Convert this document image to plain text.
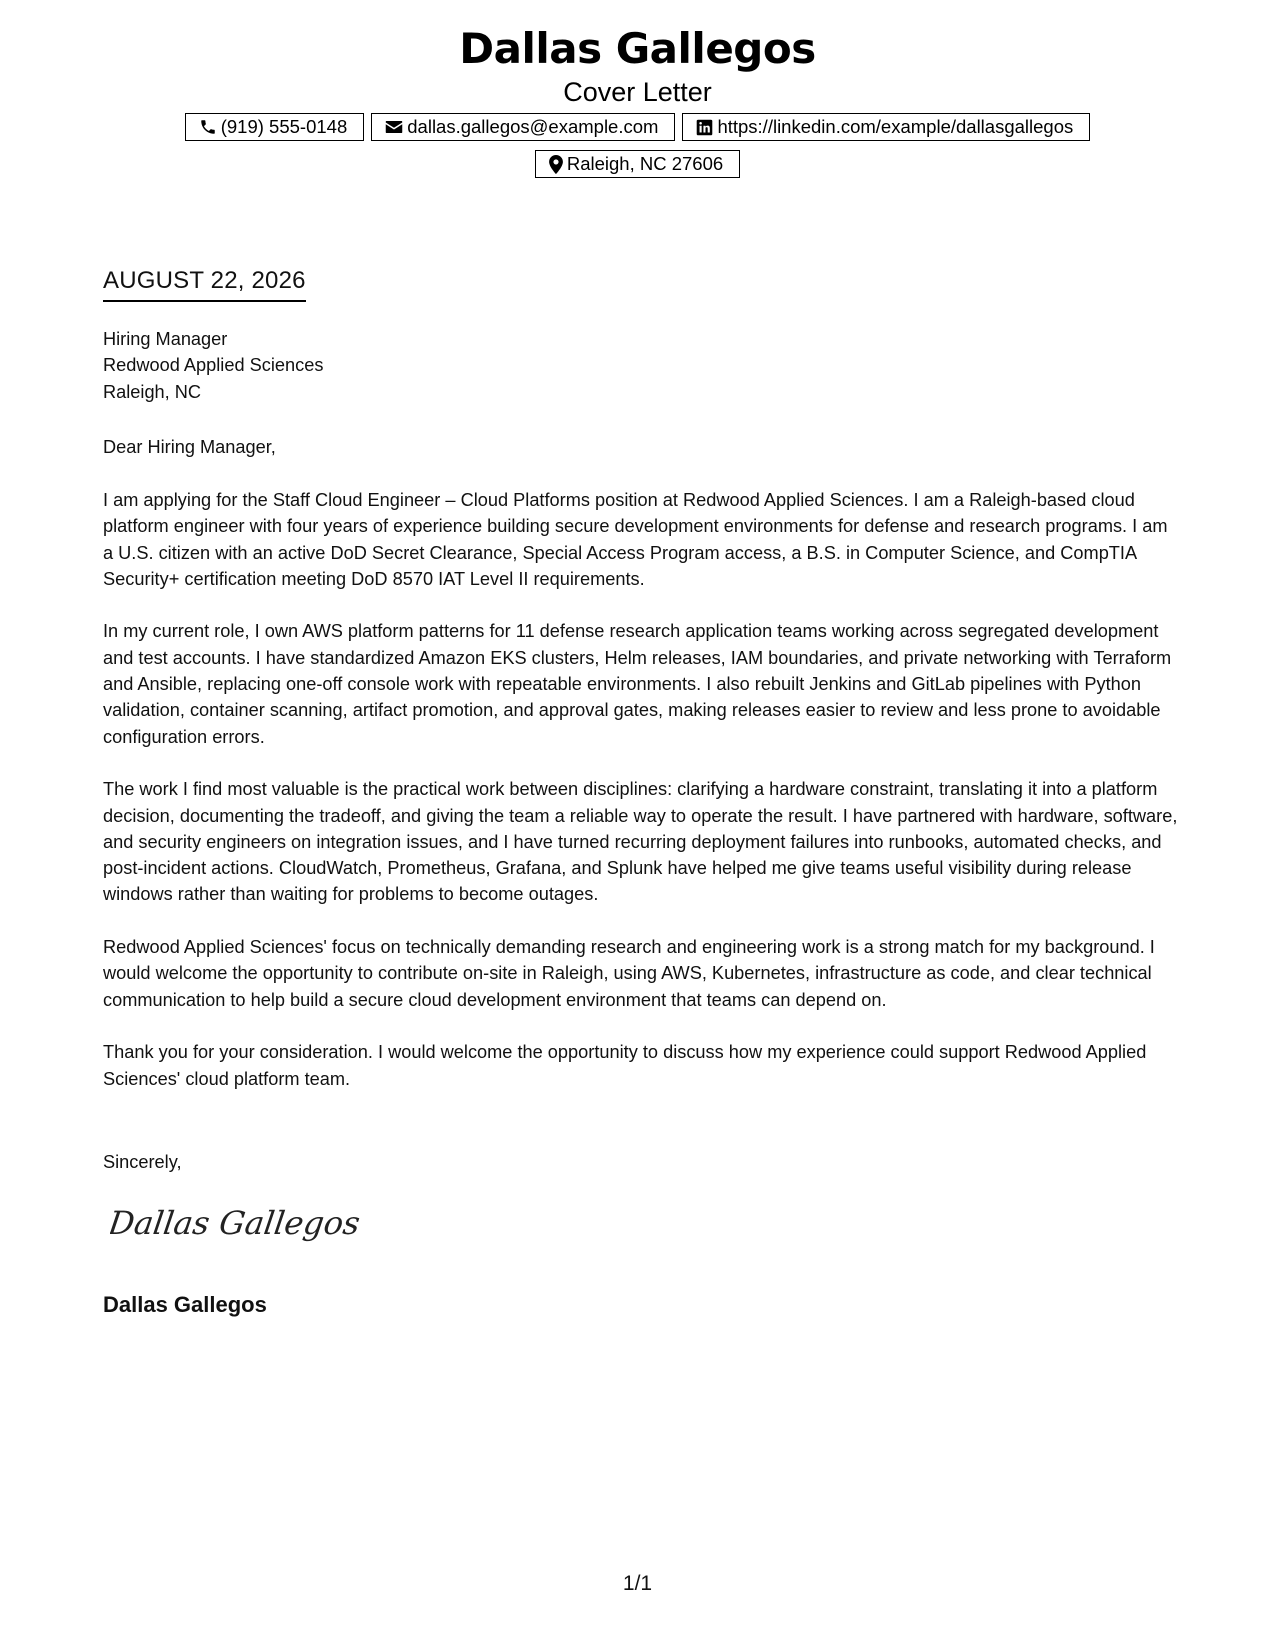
Dallas Gallegos
Cover Letter
(919) 555-0148	dallas.gallegos@example.com	https://linkedin.com/example/dallasgallegos
Raleigh, NC 27606
AUGUST 22, 2026
Hiring Manager
Redwood Applied Sciences
Raleigh, NC
Dear Hiring Manager,

I am applying for the Staff Cloud Engineer – Cloud Platforms position at Redwood Applied Sciences. I am a Raleigh-based cloud platform engineer with four years of experience building secure development environments for defense and research programs. I am a U.S. citizen with an active DoD Secret Clearance, Special Access Program access, a B.S. in Computer Science, and CompTIA Security+ certification meeting DoD 8570 IAT Level II requirements.

In my current role, I own AWS platform patterns for 11 defense research application teams working across segregated development and test accounts. I have standardized Amazon EKS clusters, Helm releases, IAM boundaries, and private networking with Terraform and Ansible, replacing one-off console work with repeatable environments. I also rebuilt Jenkins and GitLab pipelines with Python validation, container scanning, artifact promotion, and approval gates, making releases easier to review and less prone to avoidable configuration errors.

The work I find most valuable is the practical work between disciplines: clarifying a hardware constraint, translating it into a platform decision, documenting the tradeoff, and giving the team a reliable way to operate the result. I have partnered with hardware, software, and security engineers on integration issues, and I have turned recurring deployment failures into runbooks, automated checks, and post-incident actions. CloudWatch, Prometheus, Grafana, and Splunk have helped me give teams useful visibility during release windows rather than waiting for problems to become outages.

Redwood Applied Sciences' focus on technically demanding research and engineering work is a strong match for my background. I would welcome the opportunity to contribute on-site in Raleigh, using AWS, Kubernetes, infrastructure as code, and clear technical communication to help build a secure cloud development environment that teams can depend on.

Thank you for your consideration. I would welcome the opportunity to discuss how my experience could support Redwood Applied Sciences' cloud platform team.

Sincerely,
Dallas Gallegos
Dallas Gallegos
1/1
